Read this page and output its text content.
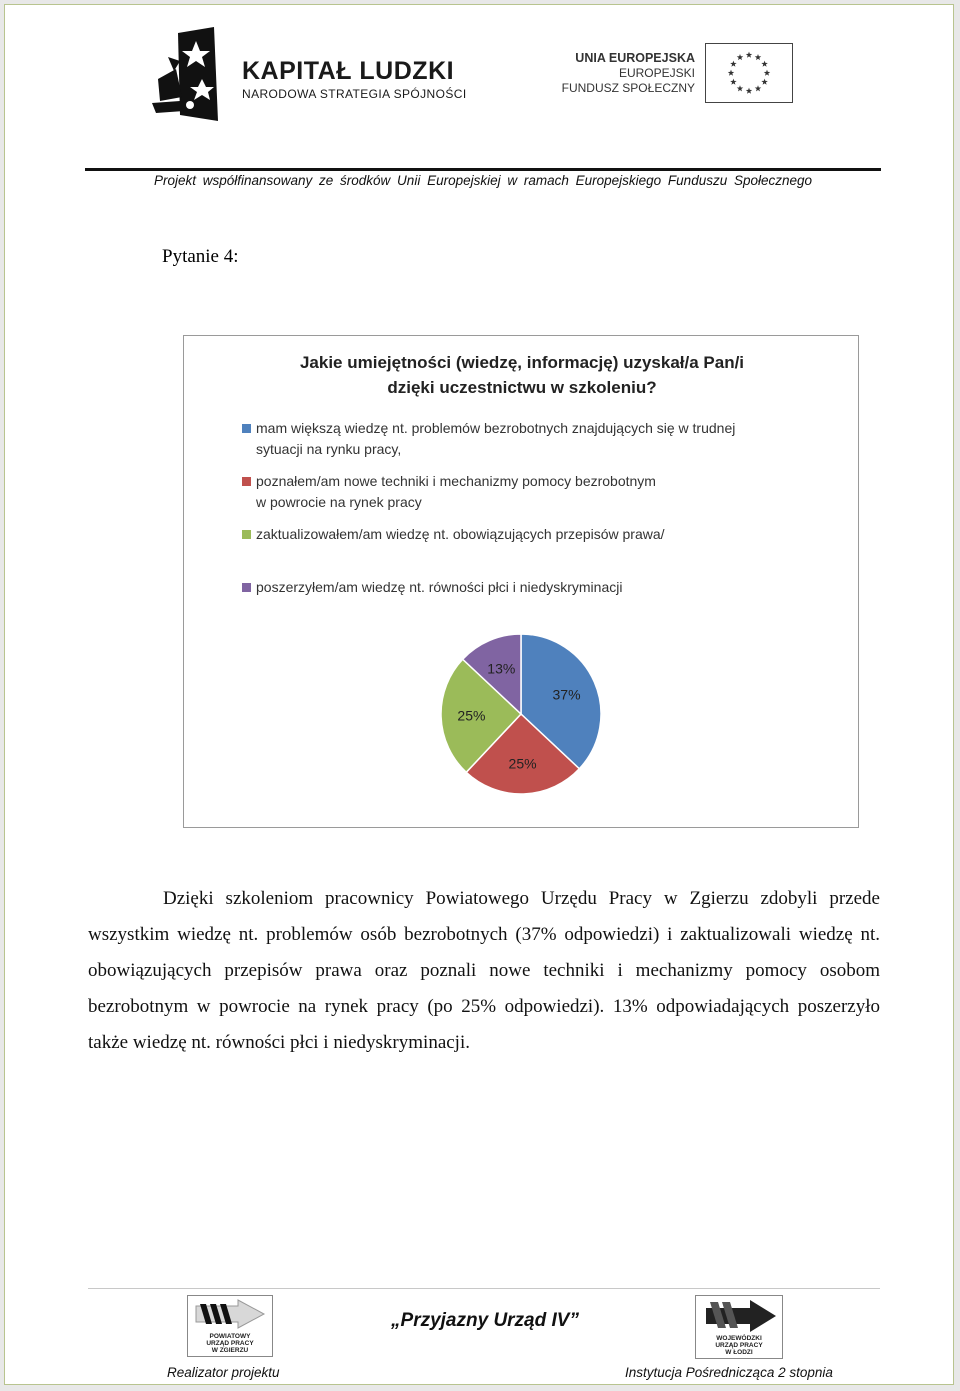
KAPITAŁ LUDZKI
NARODOWA STRATEGIA SPÓJNOŚCI
UNIA EUROPEJSKA
EUROPEJSKI
FUNDUSZ SPOŁECZNY
Projekt współfinansowany ze środków Unii Europejskiej w ramach Europejskiego Funduszu Społecznego
Pytanie 4:
Jakie umiejętności (wiedzę, informację) uzyskał/a Pan/i
dzięki uczestnictwu w szkoleniu?
mam większą wiedzę nt. problemów bezrobotnych znajdujących się w trudnej
sytuacji na rynku pracy,
poznałem/am nowe techniki i mechanizmy pomocy bezrobotnym
w powrocie na rynek pracy
zaktualizowałem/am wiedzę nt. obowiązujących przepisów prawa/
poszerzyłem/am wiedzę nt. równości płci i niedyskryminacji
37%
25%
25%
13%
Dzięki szkoleniom pracownicy Powiatowego Urzędu Pracy w Zgierzu zdobyli przede wszystkim wiedzę nt. problemów osób bezrobotnych (37% odpowiedzi) i zaktualizowali wiedzę nt. obowiązujących przepisów prawa oraz poznali nowe techniki i mechanizmy pomocy osobom bezrobotnym w powrocie na rynek pracy (po 25% odpowiedzi). 13% odpowiadających poszerzyło także wiedzę nt. równości płci i niedyskryminacji.
POWIATOWY
URZĄD PRACY
W ZGIERZU
WOJEWÓDZKI
URZĄD PRACY
W ŁODZI
„Przyjazny Urząd IV”
Realizator projektu	Instytucja Pośrednicząca 2 stopnia
